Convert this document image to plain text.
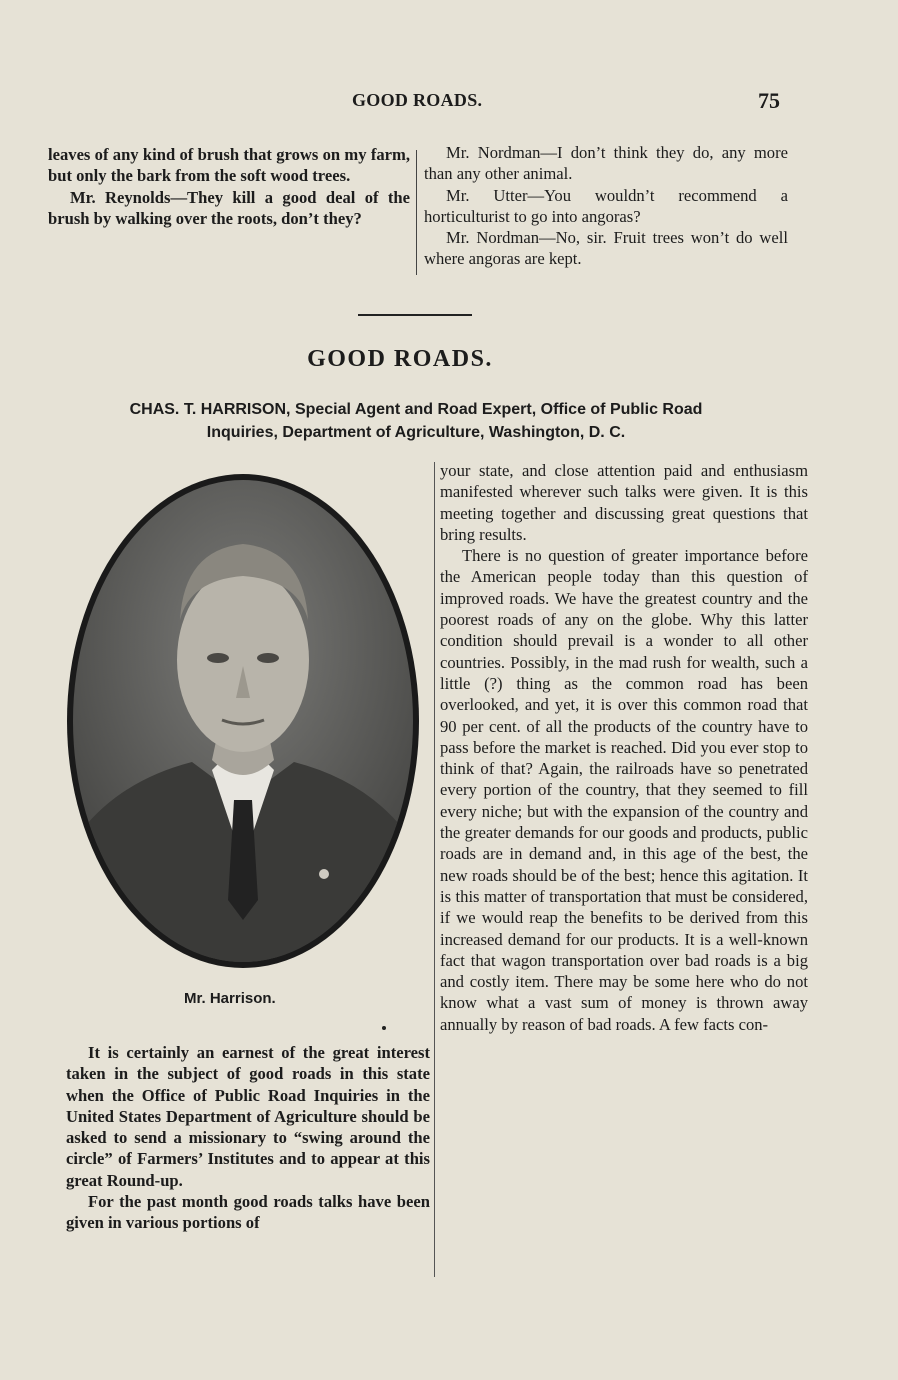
GOOD ROADS.	75

leaves of any kind of brush that grows on my farm, but only the bark from the soft wood trees.

Mr. Reynolds—They kill a good deal of the brush by walking over the roots, don’t they?

Mr. Nordman—I don’t think they do, any more than any other animal.

Mr. Utter—You wouldn’t recommend a horticulturist to go into angoras?

Mr. Nordman—No, sir. Fruit trees won’t do well where angoras are kept.

GOOD ROADS.
CHAS. T. HARRISON, Special Agent and Road Expert, Office of Public Road
Inquiries, Department of Agriculture, Washington, D. C.
Mr. Harrison.

It is certainly an earnest of the great interest taken in the subject of good roads in this state when the Office of Public Road Inquiries in the United States Department of Agriculture should be asked to send a missionary to “swing around the circle” of Farmers’ Institutes and to appear at this great Round-up.

For the past month good roads talks have been given in various portions of

your state, and close attention paid and enthusiasm manifested wherever such talks were given. It is this meeting together and discussing great questions that bring results.

There is no question of greater importance before the American people today than this question of improved roads. We have the greatest country and the poorest roads of any on the globe. Why this latter condition should prevail is a wonder to all other countries. Possibly, in the mad rush for wealth, such a little (?) thing as the common road has been overlooked, and yet, it is over this common road that 90 per cent. of all the products of the country have to pass before the market is reached. Did you ever stop to think of that? Again, the railroads have so penetrated every portion of the country, that they seemed to fill every niche; but with the expansion of the country and the greater demands for our goods and products, public roads are in demand and, in this age of the best, the new roads should be of the best; hence this agitation. It is this matter of transportation that must be considered, if we would reap the benefits to be derived from this increased demand for our products. It is a well-known fact that wagon transportation over bad roads is a big and costly item. There may be some here who do not know what a vast sum of money is thrown away annually by reason of bad roads. A few facts con-
